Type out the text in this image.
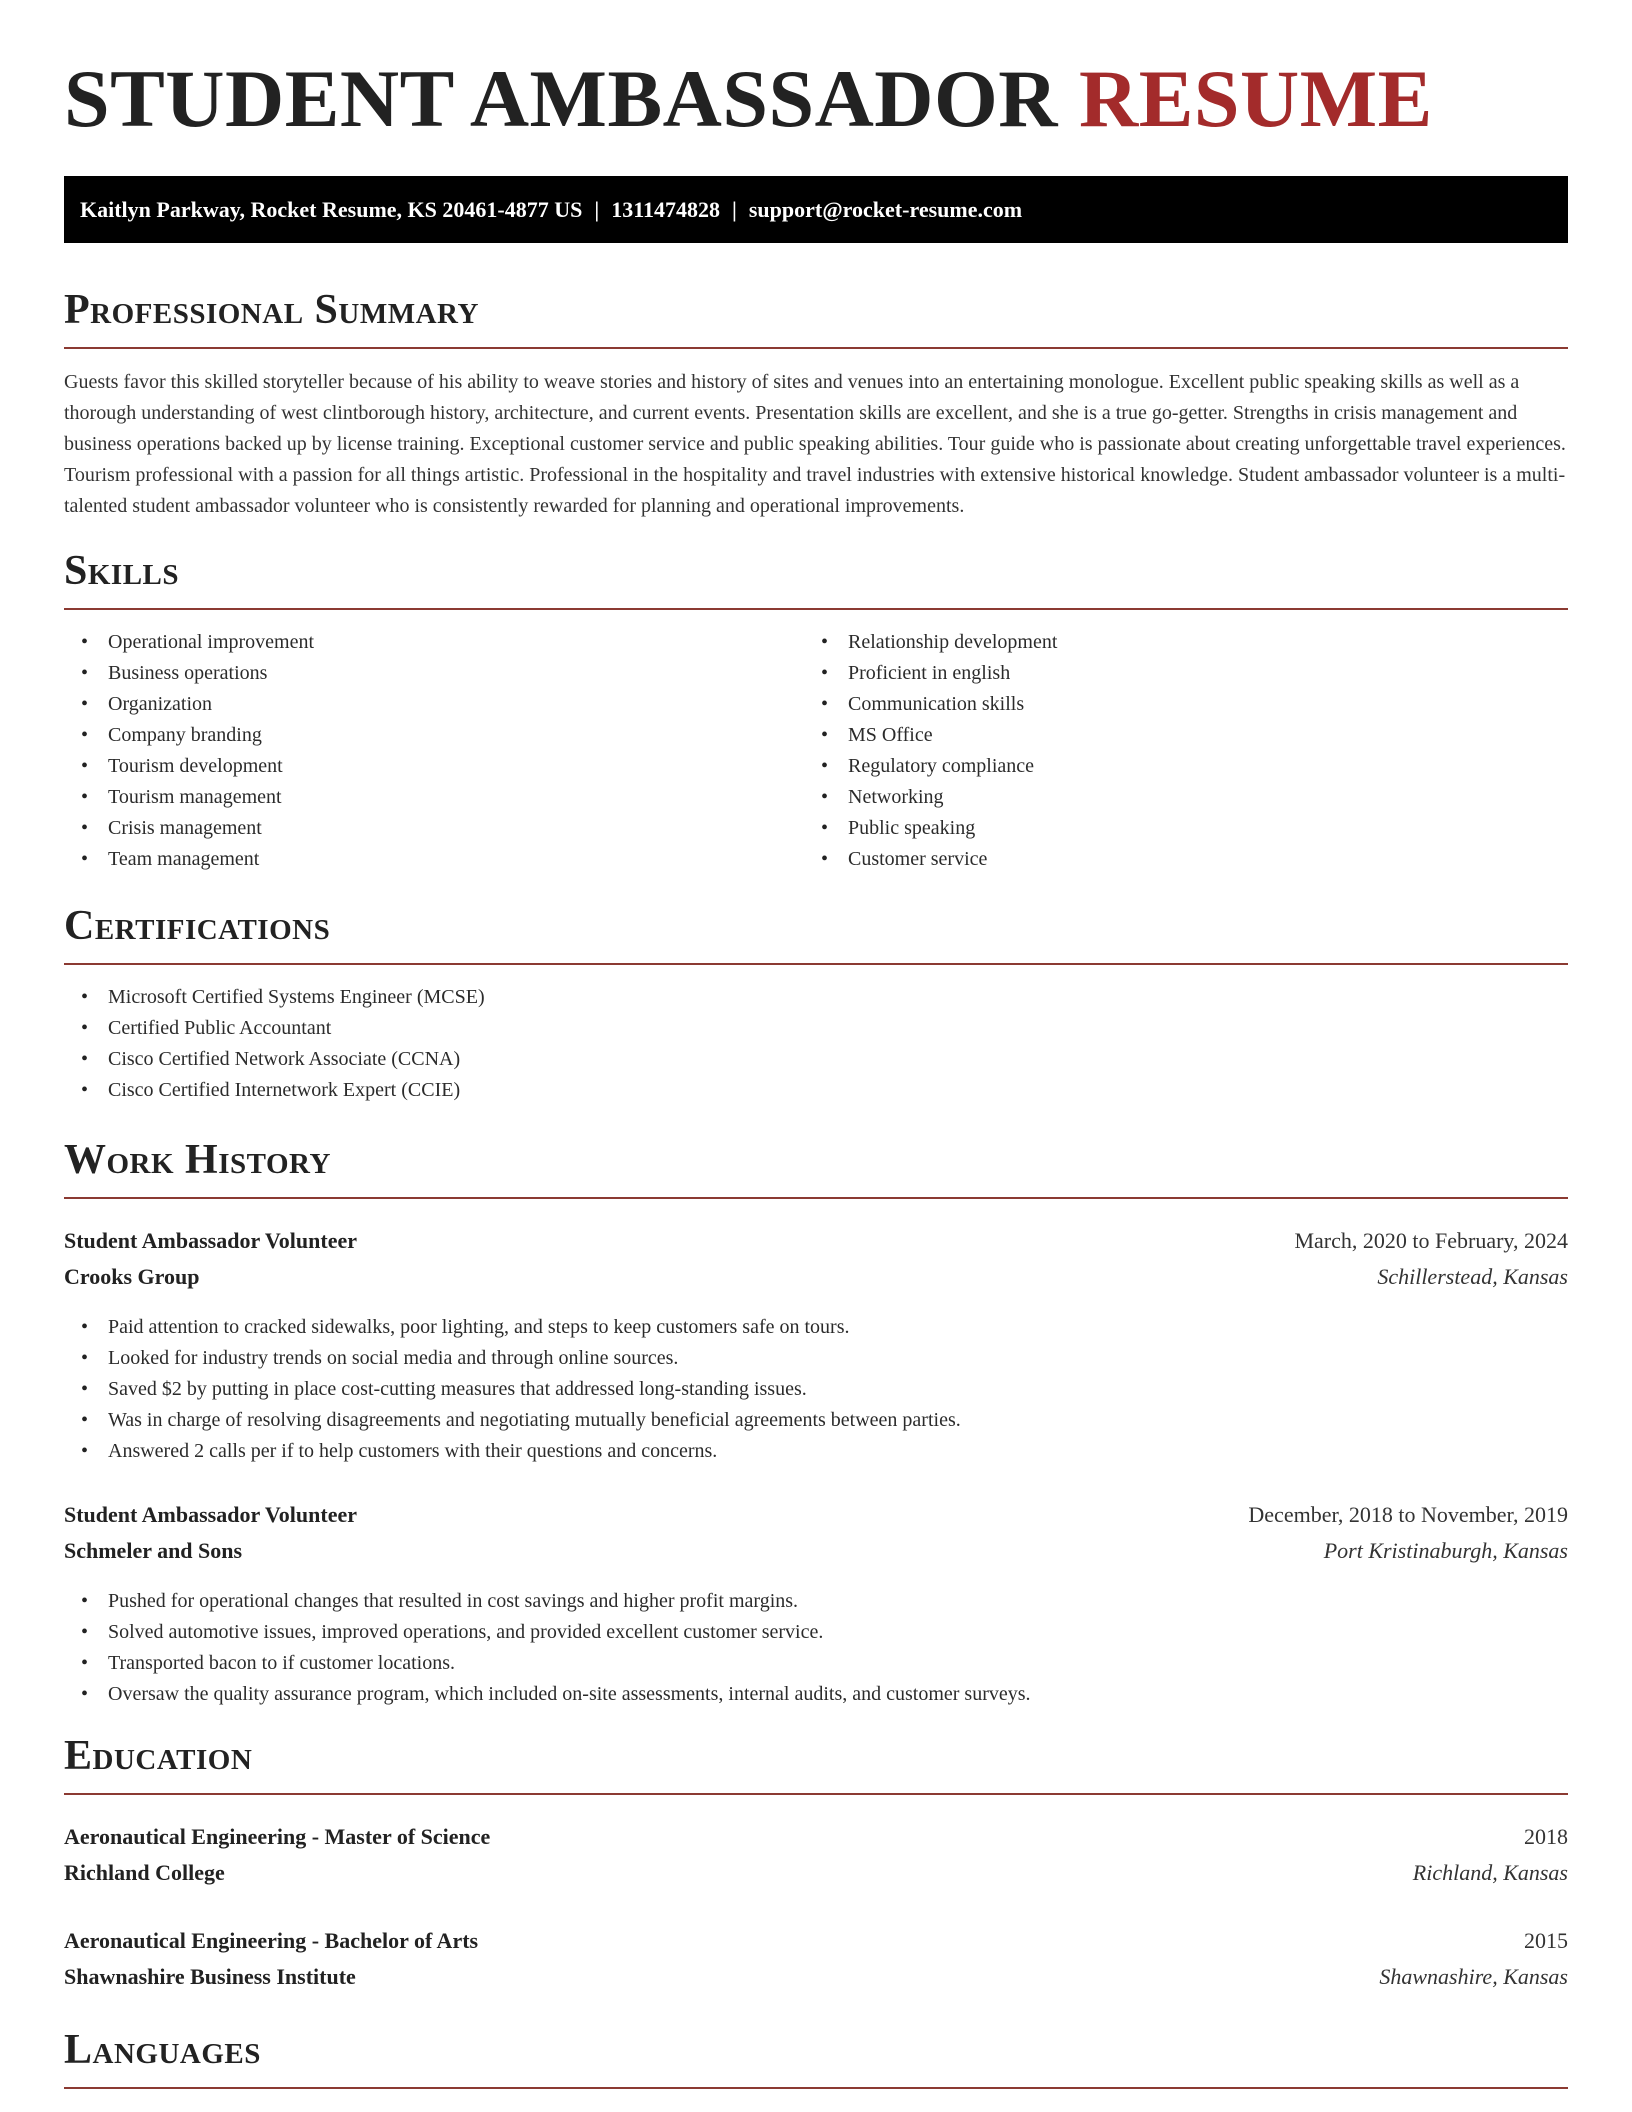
STUDENT AMBASSADOR RESUME
Kaitlyn Parkway, Rocket Resume, KS 20461-4877 US | 1311474828 | support@rocket-resume.com
Professional Summary

Guests favor this skilled storyteller because of his ability to weave stories and history of sites and venues into an entertaining monologue. Excellent public speaking skills as well as a thorough understanding of west clintborough history, architecture, and current events. Presentation skills are excellent, and she is a true go-getter. Strengths in crisis management and business operations backed up by license training. Exceptional customer service and public speaking abilities. Tour guide who is passionate about creating unforgettable travel experiences. Tourism professional with a passion for all things artistic. Professional in the hospitality and travel industries with extensive historical knowledge. Student ambassador volunteer is a multi-talented student ambassador volunteer who is consistently rewarded for planning and operational improvements.

Skills
• Operational improvement
• Business operations
• Organization
• Company branding
• Tourism development
• Tourism management
• Crisis management
• Team management
• Relationship development
• Proficient in english
• Communication skills
• MS Office
• Regulatory compliance
• Networking
• Public speaking
• Customer service
Certifications
• Microsoft Certified Systems Engineer (MCSE)
• Certified Public Accountant
• Cisco Certified Network Associate (CCNA)
• Cisco Certified Internetwork Expert (CCIE)
Work History
Student Ambassador Volunteer	March, 2020 to February, 2024
Crooks Group	Schillerstead, Kansas
• Paid attention to cracked sidewalks, poor lighting, and steps to keep customers safe on tours.
• Looked for industry trends on social media and through online sources.
• Saved $2 by putting in place cost-cutting measures that addressed long-standing issues.
• Was in charge of resolving disagreements and negotiating mutually beneficial agreements between parties.
• Answered 2 calls per if to help customers with their questions and concerns.
Student Ambassador Volunteer	December, 2018 to November, 2019
Schmeler and Sons	Port Kristinaburgh, Kansas
• Pushed for operational changes that resulted in cost savings and higher profit margins.
• Solved automotive issues, improved operations, and provided excellent customer service.
• Transported bacon to if customer locations.
• Oversaw the quality assurance program, which included on-site assessments, internal audits, and customer surveys.
Education
Aeronautical Engineering - Master of Science	2018
Richland College	Richland, Kansas
Aeronautical Engineering - Bachelor of Arts	2015
Shawnashire Business Institute	Shawnashire, Kansas
Languages
